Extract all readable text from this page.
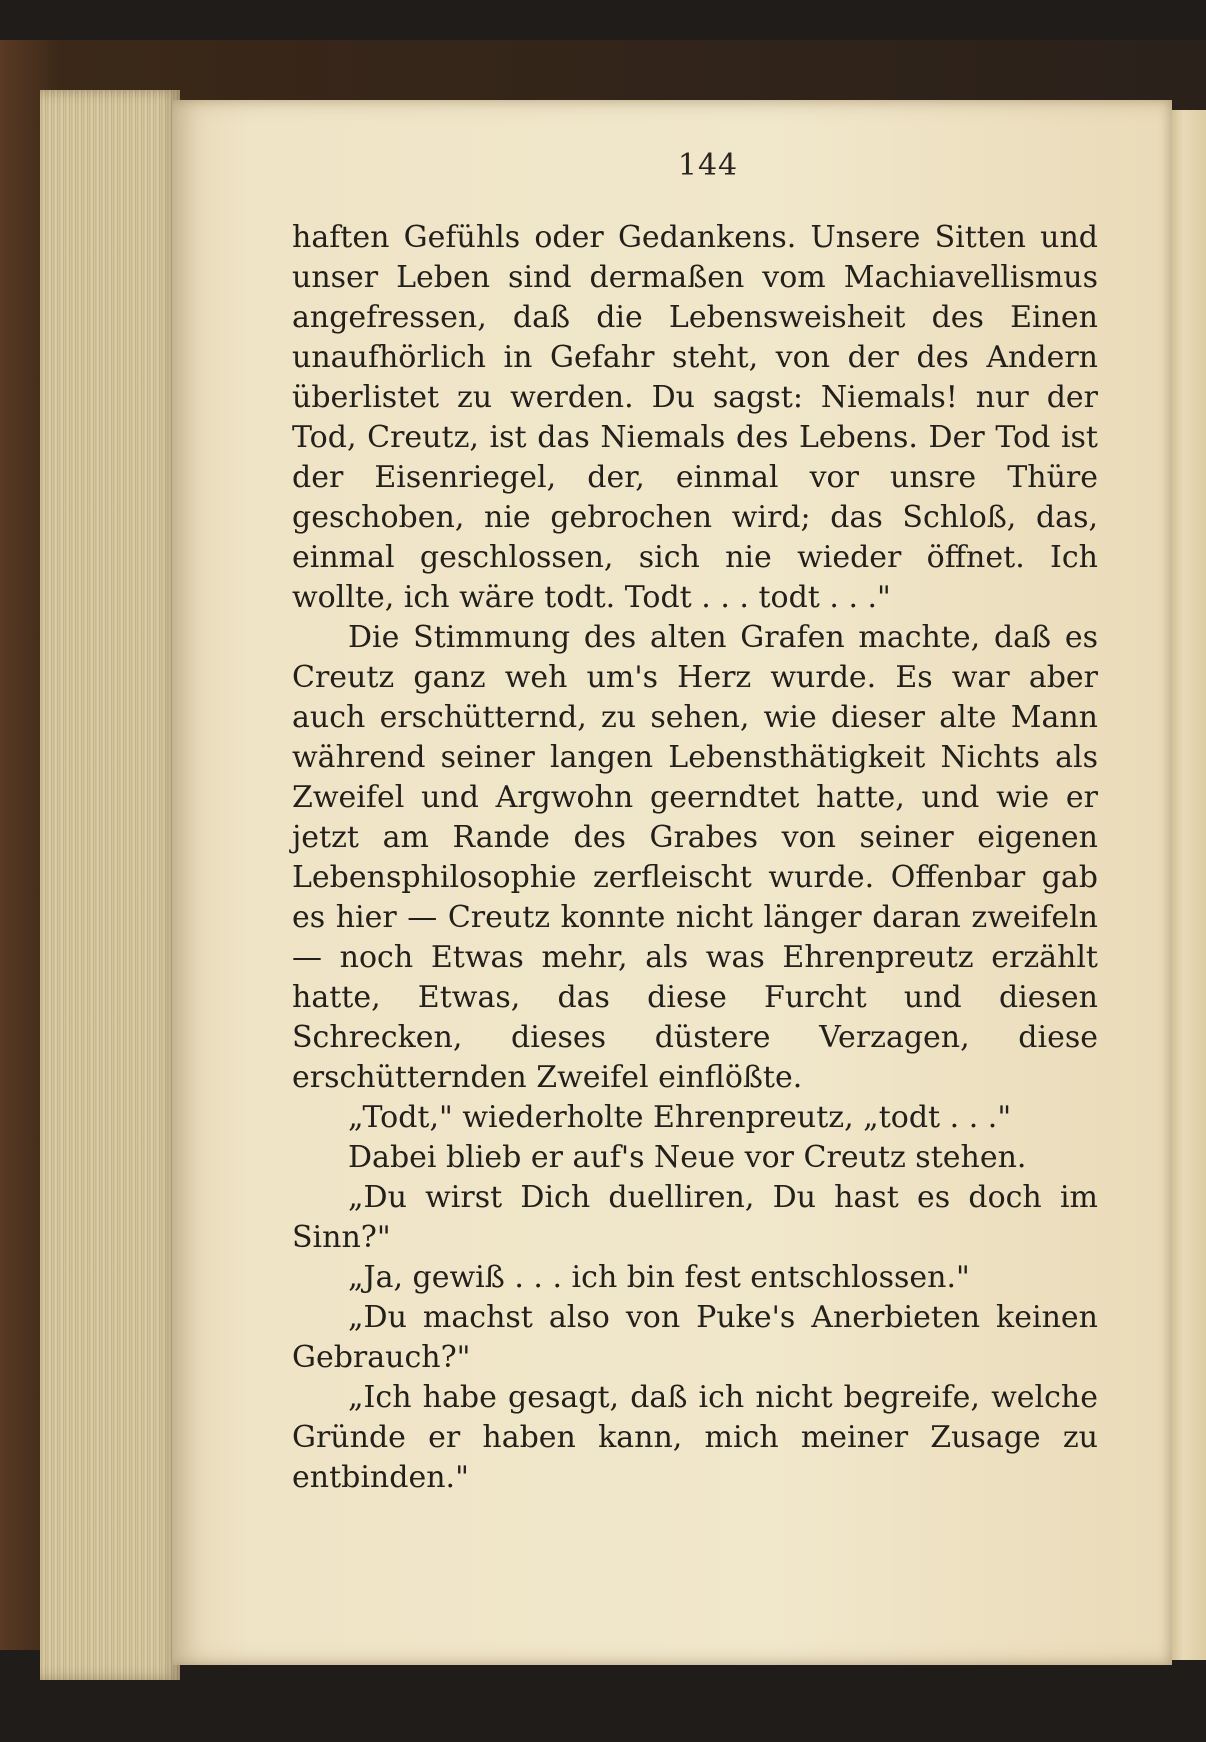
144

haften Gefühls oder Gedankens. Unsere Sitten und unser Leben sind dermaßen vom Machiavellismus angefressen, daß die Lebensweisheit des Einen unaufhörlich in Gefahr steht, von der des Andern überlistet zu werden. Du sagst: Niemals! nur der Tod, Creutz, ist das Niemals des Lebens. Der Tod ist der Eisenriegel, der, einmal vor unsre Thüre geschoben, nie gebrochen wird; das Schloß, das, einmal geschlossen, sich nie wieder öffnet. Ich wollte, ich wäre todt. Todt . . . todt . . ."

Die Stimmung des alten Grafen machte, daß es Creutz ganz weh um's Herz wurde. Es war aber auch erschütternd, zu sehen, wie dieser alte Mann während seiner langen Lebensthätigkeit Nichts als Zweifel und Argwohn geerndtet hatte, und wie er jetzt am Rande des Grabes von seiner eigenen Lebensphilosophie zerfleischt wurde. Offenbar gab es hier — Creutz konnte nicht länger daran zweifeln — noch Etwas mehr, als was Ehrenpreutz erzählt hatte, Etwas, das diese Furcht und diesen Schrecken, dieses düstere Verzagen, diese erschütternden Zweifel einflößte.

„Todt," wiederholte Ehrenpreutz, „todt . . ."

Dabei blieb er auf's Neue vor Creutz stehen.

„Du wirst Dich duelliren, Du hast es doch im Sinn?"

„Ja, gewiß . . . ich bin fest entschlossen."

„Du machst also von Puke's Anerbieten keinen Gebrauch?"

„Ich habe gesagt, daß ich nicht begreife, welche Gründe er haben kann, mich meiner Zusage zu entbinden."
